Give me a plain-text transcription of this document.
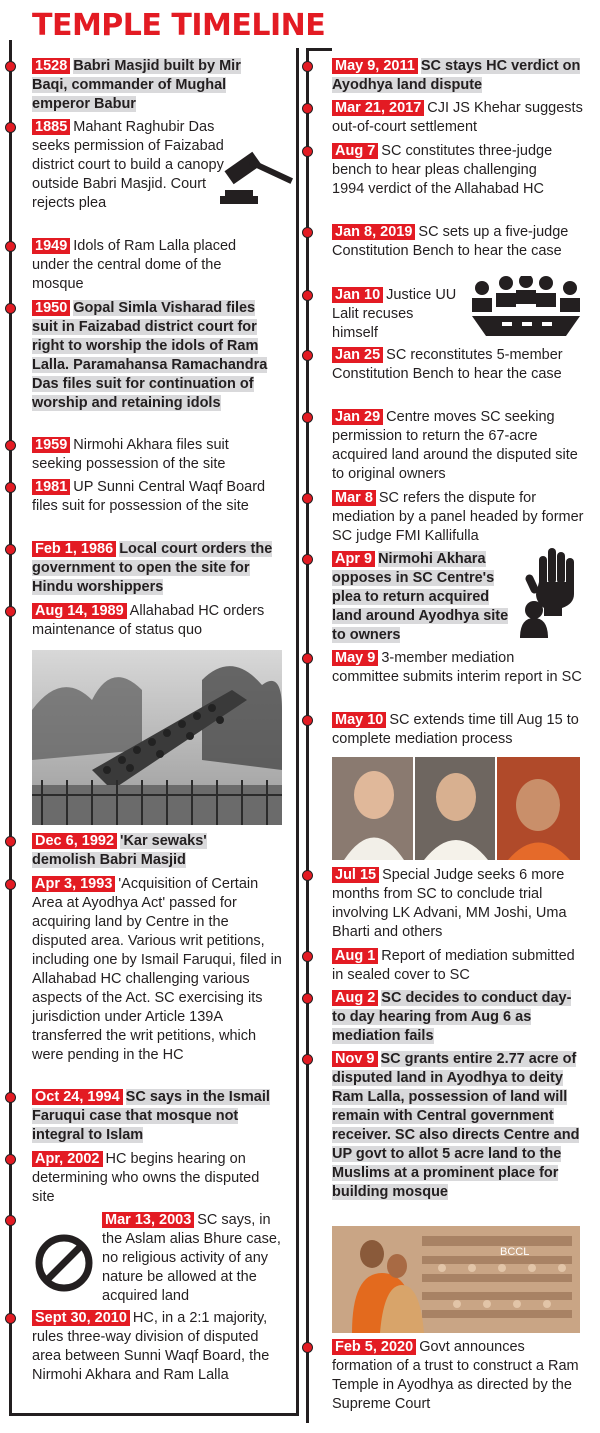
TEMPLE TIMELINE
1528 Babri Masjid built by Mir Baqi, commander of Mughal emperor Babur
1885 Mahant Raghubir Das seeks permission of Faizabad district court to build a canopy outside Babri Masjid. Court rejects plea
1949 Idols of Ram Lalla placed under the central dome of the mosque
1950 Gopal Simla Visharad files suit in Faizabad district court for right to worship the idols of Ram Lalla. Paramahansa Ramachandra Das files suit for continuation of worship and retaining idols
1959 Nirmohi Akhara files suit seeking possession of the site
1981 UP Sunni Central Waqf Board files suit for possession of the site
Feb 1, 1986 Local court orders the government to open the site for Hindu worshippers
Aug 14, 1989 Allahabad HC orders maintenance of status quo
Dec 6, 1992 'Kar sewaks' demolish Babri Masjid
Apr 3, 1993 'Acquisition of Certain Area at Ayodhya Act' passed for acquiring land by Centre in the disputed area. Various writ petitions, including one by Ismail Faruqui, filed in Allahabad HC challenging various aspects of the Act. SC exercising its jurisdiction under Article 139A transferred the writ petitions, which were pending in the HC
Oct 24, 1994 SC says in the Ismail Faruqui case that mosque not integral to Islam
Apr, 2002 HC begins hearing on determining who owns the disputed site
Mar 13, 2003 SC says, in the Aslam alias Bhure case, no religious activity of any nature be allowed at the acquired land
Sept 30, 2010 HC, in a 2:1 majority, rules three-way division of disputed area between Sunni Waqf Board, the Nirmohi Akhara and Ram Lalla
May 9, 2011 SC stays HC verdict on Ayodhya land dispute
Mar 21, 2017 CJI JS Khehar suggests out-of-court settlement
Aug 7 SC constitutes three-judge bench to hear pleas challenging 1994 verdict of the Allahabad HC
Jan 8, 2019 SC sets up a five-judge Constitution Bench to hear the case
Jan 10 Justice UU Lalit recuses himself
Jan 25 SC reconstitutes 5-member Constitution Bench to hear the case
Jan 29 Centre moves SC seeking permission to return the 67-acre acquired land around the disputed site to original owners
Mar 8 SC refers the dispute for mediation by a panel headed by former SC judge FMI Kallifulla
Apr 9 Nirmohi Akhara opposes in SC Centre's plea to return acquired land around Ayodhya site to owners
May 9 3-member mediation committee submits interim report in SC
May 10 SC extends time till Aug 15 to complete mediation process
Jul 15 Special Judge seeks 6 more months from SC to conclude trial involving LK Advani, MM Joshi, Uma Bharti and others
Aug 1 Report of mediation submitted in sealed cover to SC
Aug 2 SC decides to conduct day-to day hearing from Aug 6 as mediation fails
Nov 9 SC grants entire 2.77 acre of disputed land in Ayodhya to deity Ram Lalla, possession of land will remain with Central government receiver. SC also directs Centre and UP govt to allot 5 acre land to the Muslims at a prominent place for building mosque
BCCL
Feb 5, 2020 Govt announces formation of a trust to construct a Ram Temple in Ayodhya as directed by the Supreme Court
